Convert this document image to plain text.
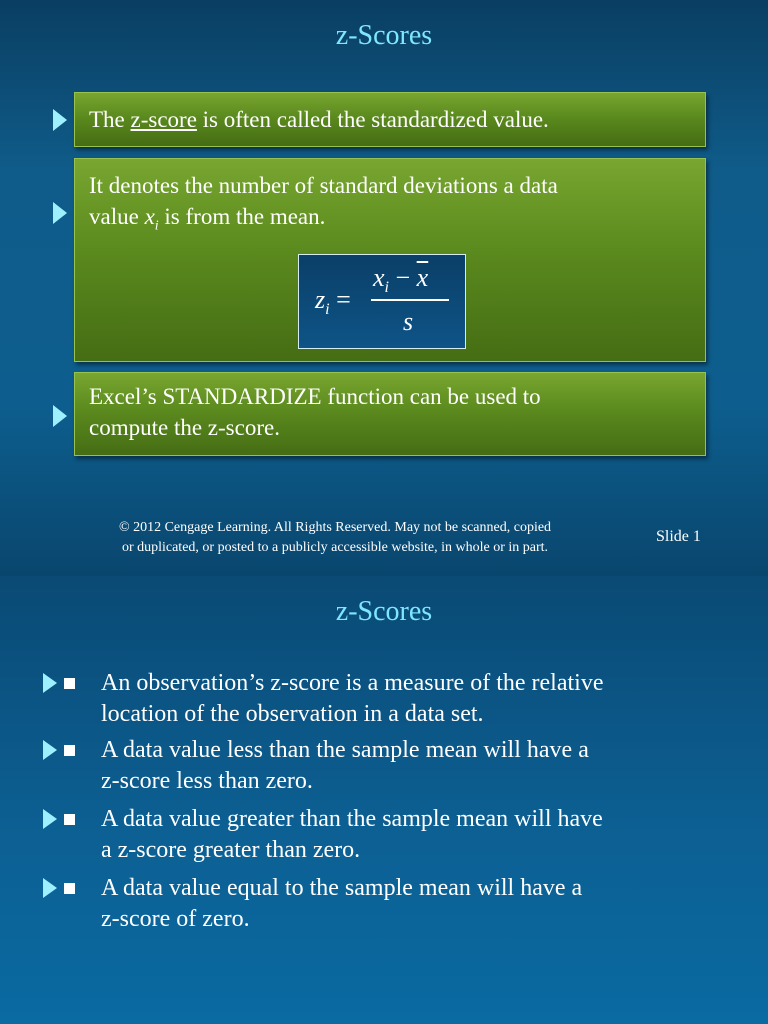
z-Scores
The z-score is often called the standardized value.
It denotes the number of standard deviations a data
value $x_i$ is from the mean.
$z_i$ =
$x_i - \overline{x}$
s
Excel’s STANDARDIZE function can be used to
compute the z-score.
© 2012 Cengage Learning. All Rights Reserved. May not be scanned, copied
or duplicated, or posted to a publicly accessible website, in whole or in part.
Slide 1
z-Scores
An observation’s z-score is a measure of the relative
location of the observation in a data set.
A data value less than the sample mean will have a
z-score less than zero.
A data value greater than the sample mean will have
a z-score greater than zero.
A data value equal to the sample mean will have a
z-score of zero.
